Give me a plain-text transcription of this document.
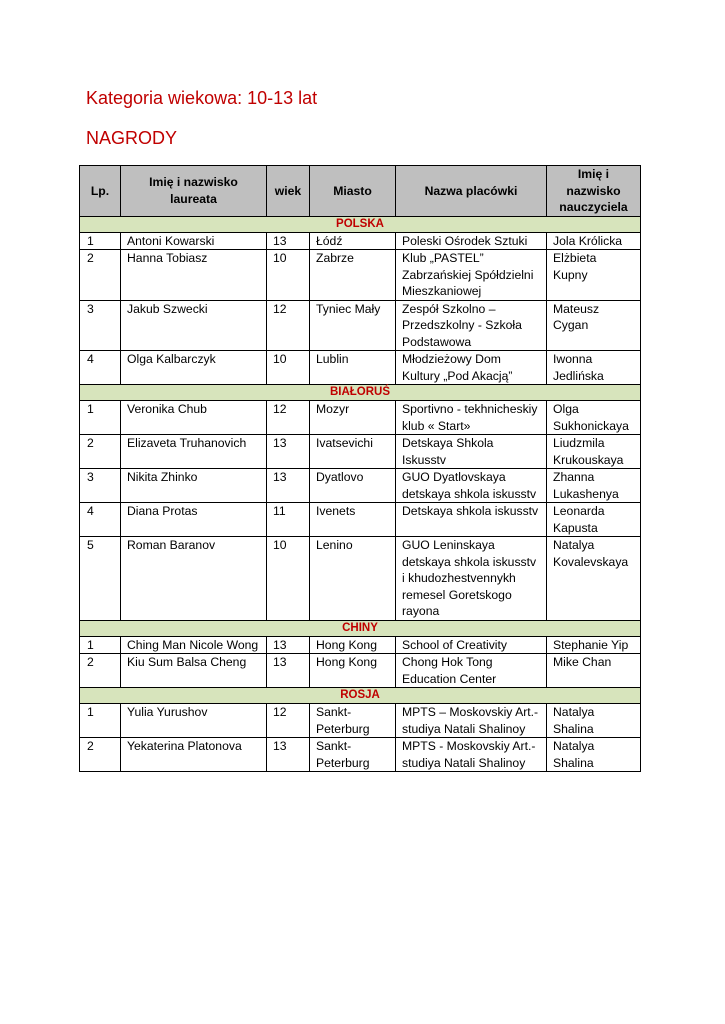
Kategoria wiekowa: 10-13 lat
NAGRODY
Lp.	Imię i nazwisko laureata	wiek	Miasto	Nazwa placówki	Imię i nazwisko nauczyciela
POLSKA					
1	Antoni Kowarski	13	Łódź	Poleski Ośrodek Sztuki	Jola Królicka
2	Hanna Tobiasz	10	Zabrze	Klub „PASTEL” Zabrzańskiej Spółdzielni Mieszkaniowej	Elżbieta Kupny
3	Jakub Szwecki	12	Tyniec Mały	Zespół Szkolno – Przedszkolny - Szkoła Podstawowa	Mateusz Cygan
4	Olga Kalbarczyk	10	Lublin	Młodzieżowy Dom Kultury „Pod Akacją”	Iwonna Jedlińska
BIAŁORUŚ					
1	Veronika Chub	12	Mozyr	Sportivno - tekhnicheskiy klub « Start»	Olga Sukhonickaya
2	Elizaveta Truhanovich	13	Ivatsevichi	Detskaya Shkola Iskusstv	Liudzmila Krukouskaya
3	Nikita Zhinko	13	Dyatlovo	GUO Dyatlovskaya detskaya shkola iskusstv	Zhanna Lukashenya
4	Diana Protas	11	Ivenets	Detskaya shkola iskusstv	Leonarda Kapusta
5	Roman Baranov	10	Lenino	GUO Leninskaya detskaya shkola iskusstv i khudozhestvennykh remesel Goretskogo rayona	Natalya Kovalevskaya
CHINY					
1	Ching Man Nicole Wong	13	Hong Kong	School of Creativity	Stephanie Yip
2	Kiu Sum Balsa Cheng	13	Hong Kong	Chong Hok Tong Education Center	Mike Chan
ROSJA					
1	Yulia Yurushov	12	Sankt- Peterburg	MPTS – Moskovskiy Art.- studiya Natali Shalinoy	Natalya Shalina
2	Yekaterina Platonova	13	Sankt- Peterburg	MPTS - Moskovskiy Art.- studiya Natali Shalinoy	Natalya Shalina
